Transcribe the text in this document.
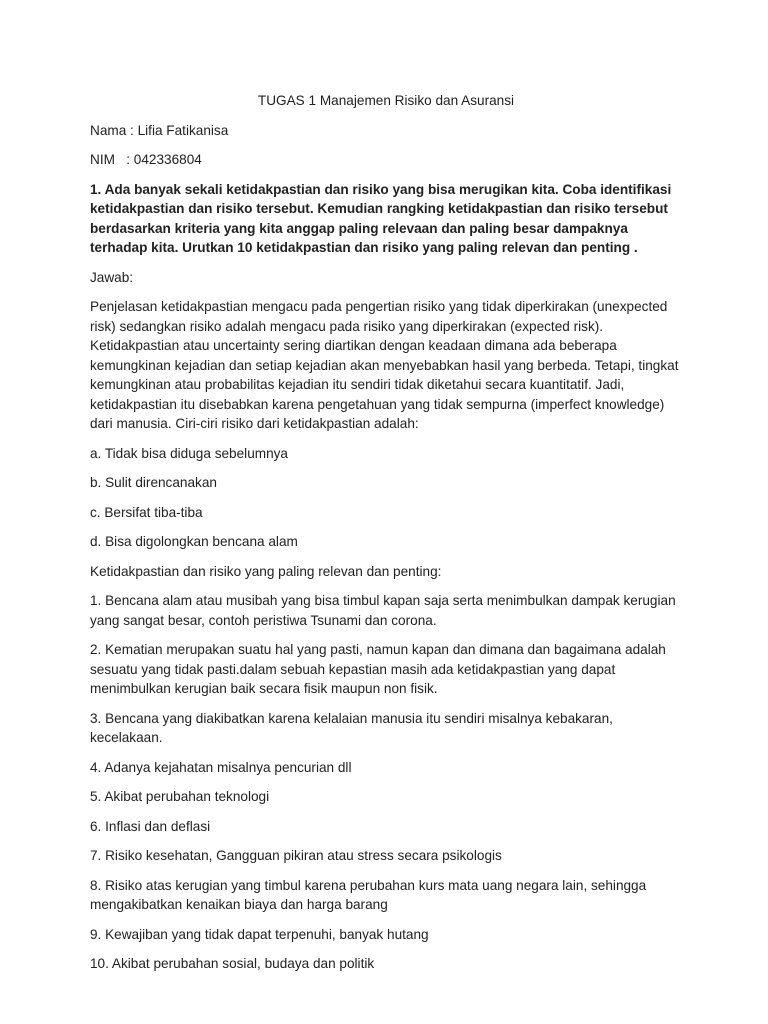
TUGAS 1 Manajemen Risiko dan Asuransi
Nama : Lifia Fatikanisa
NIM   : 042336804
1. Ada banyak sekali ketidakpastian dan risiko yang bisa merugikan kita. Coba identifikasi ketidakpastian dan risiko tersebut. Kemudian rangking ketidakpastian dan risiko tersebut berdasarkan kriteria yang kita anggap paling relevaan dan paling besar dampaknya terhadap kita. Urutkan 10 ketidakpastian dan risiko yang paling relevan dan penting .
Jawab:
Penjelasan ketidakpastian mengacu pada pengertian risiko yang tidak diperkirakan (unexpected risk) sedangkan risiko adalah mengacu pada risiko yang diperkirakan (expected risk). Ketidakpastian atau uncertainty sering diartikan dengan keadaan dimana ada beberapa kemungkinan kejadian dan setiap kejadian akan menyebabkan hasil yang berbeda. Tetapi, tingkat kemungkinan atau probabilitas kejadian itu sendiri tidak diketahui secara kuantitatif. Jadi, ketidakpastian itu disebabkan karena pengetahuan yang tidak sempurna (imperfect knowledge) dari manusia. Ciri-ciri risiko dari ketidakpastian adalah:
a. Tidak bisa diduga sebelumnya
b. Sulit direncanakan
c. Bersifat tiba-tiba
d. Bisa digolongkan bencana alam
Ketidakpastian dan risiko yang paling relevan dan penting:
1. Bencana alam atau musibah yang bisa timbul kapan saja serta menimbulkan dampak kerugian yang sangat besar, contoh peristiwa Tsunami dan corona.
2. Kematian merupakan suatu hal yang pasti, namun kapan dan dimana dan bagaimana adalah sesuatu yang tidak pasti.dalam sebuah kepastian masih ada ketidakpastian yang dapat menimbulkan kerugian baik secara fisik maupun non fisik.
3. Bencana yang diakibatkan karena kelalaian manusia itu sendiri misalnya kebakaran, kecelakaan.
4. Adanya kejahatan misalnya pencurian dll
5. Akibat perubahan teknologi
6. Inflasi dan deflasi
7. Risiko kesehatan, Gangguan pikiran atau stress secara psikologis
8. Risiko atas kerugian yang timbul karena perubahan kurs mata uang negara lain, sehingga mengakibatkan kenaikan biaya dan harga barang
9. Kewajiban yang tidak dapat terpenuhi, banyak hutang
10. Akibat perubahan sosial, budaya dan politik
